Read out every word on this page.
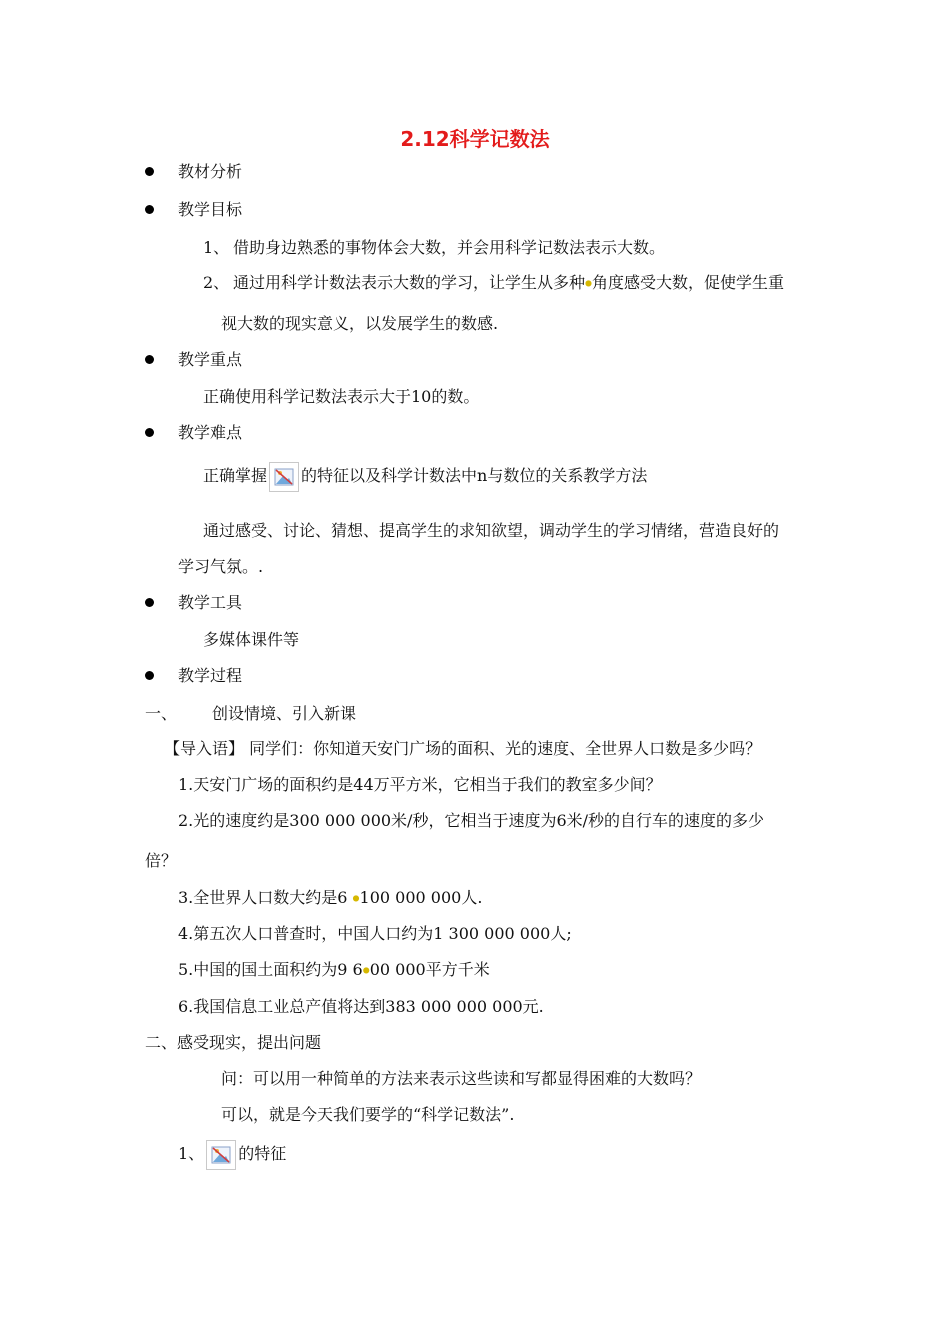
2.12科学记数法
教材分析
教学目标
1、 借助身边熟悉的事物体会大数，并会用科学记数法表示大数。
2、 通过用科学计数法表示大数的学习，让学生从多种●角度感受大数，促使学生重
视大数的现实意义，以发展学生的数感.
教学重点
正确使用科学记数法表示大于10的数。
教学难点
正确掌握 的特征以及科学计数法中n与数位的关系教学方法
通过感受、讨论、猜想、提高学生的求知欲望，调动学生的学习情绪，营造良好的
学习气氛。.
教学工具
多媒体课件等
教学过程
一、 创设情境、引入新课
【导入语】 同学们：你知道天安门广场的面积、光的速度、全世界人口数是多少吗？
1.天安门广场的面积约是44万平方米，它相当于我们的教室多少间？
2.光的速度约是300 000 000米/秒，它相当于速度为6米/秒的自行车的速度的多少
倍？
3.全世界人口数大约是6 ●100 000 000人.
4.第五次人口普查时，中国人口约为1 300 000 000人;
5.中国的国土面积约为9 6●00 000平方千米
6.我国信息工业总产值将达到383 000 000 000元.
二、感受现实，提出问题
问：可以用一种简单的方法来表示这些读和写都显得困难的大数吗？
可以，就是今天我们要学的“科学记数法”.
1、 的特征
